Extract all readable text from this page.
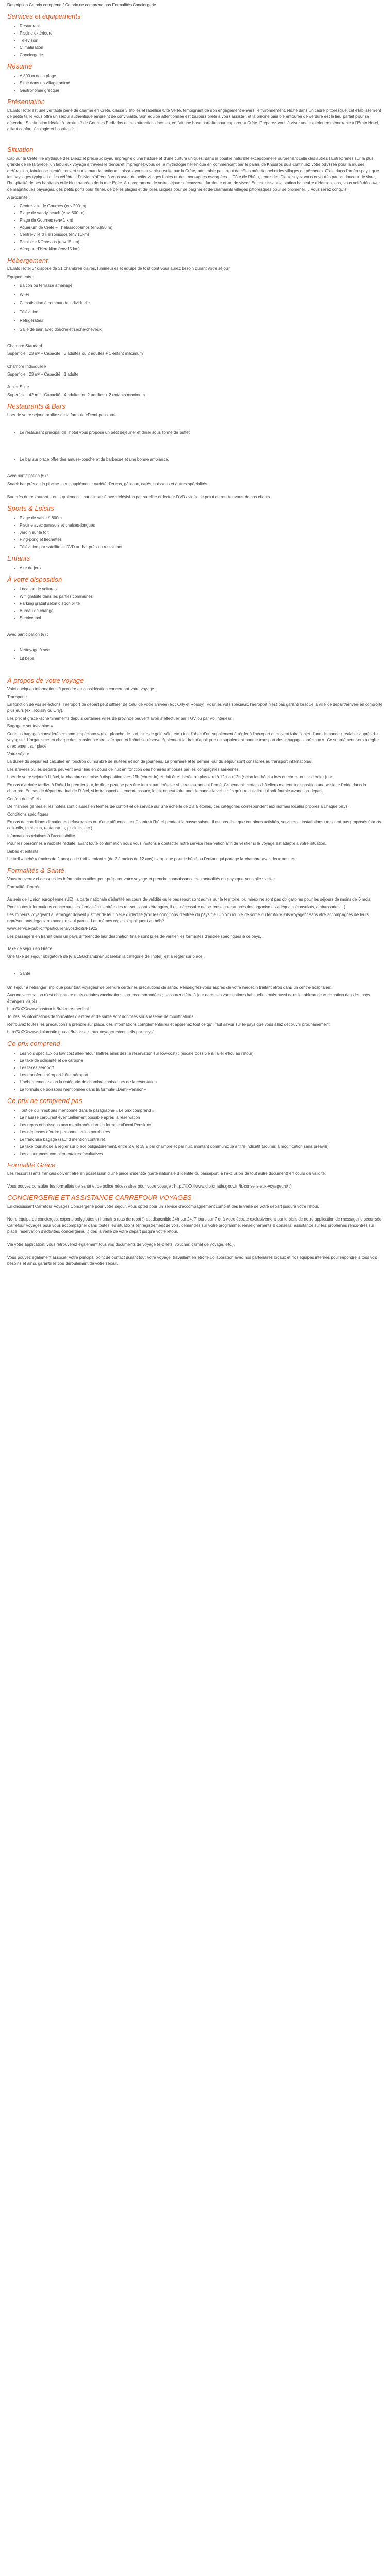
Description Ce prix comprend / Ce prix ne comprend pas Formalités Conciergerie

Services et équipements
• Restaurant
• Piscine extérieure
• Télévision
• Climatisation
• Conciergerie
Résumé
• A 800 m de la plage
• Situé dans un village animé
• Gastronomie grecque
Présentation

L’Erato Hotel est une véritable perle de charme en Crète, classé 3 étoiles et labellisé Cité Verte, témoignant de son engagement envers l’environnement. Niché dans un cadre pittoresque, cet établissement de petite taille vous offre un séjour authentique empreint de convivialité. Son équipe attentionnée est toujours prête à vous assister, et la piscine paisible entourée de verdure est le lieu parfait pour se détendre. Sa situation idéale, à proximité de Gournes Pediados et des attractions locales, en fait une base parfaite pour explorer la Crète. Préparez-vous à vivre une expérience mémorable à l’Erato Hotel, alliant confort, écologie et hospitalité.

Situation

Cap sur la Crète, île mythique des Dieux et précieux joyau imprégné d’une histoire et d’une culture uniques, dans la bouillie naturelle exceptionnelle surprenant celle des autres ! Entreprenez sur la plus grande de ile la Grèce, un fabuleux voyage à travers le temps et imprégnez-vous de la mythologie hellénique en commençant par le palais de Knossos puis continuez votre odyssée pour la musée d’Héraklion, fabuleuse bientôt couvert sur le mandat antique. Laissez-vous envahir ensuite par la Crète, admirable petit bout de côtes méridionnel et les villages de pêcheurs. C’est dans l’arrière-pays, que les paysages typiques et les célèbres d’olivier s’offrent à vous avec de petits villages isolés et des montagnes escarpées… Côté de Rhétu, tenez des Dieux soyez vous envoutés par sa douceur de vivre, l’hospitalité de ses habitants et le bleu azuréen de la mer Egée. Au programme de votre séjour : découverte, farniente et art de vivre ! En choisissant la station balnéaire d’Hersonissos, vous voilà découvrir de magnifiques paysages, des petits ports pour flâner, de belles plages et de jolies criques pour se baigner et de charmants villages pittoresques pour se promener… Vous serez conquis !

A proximité :

• Centre-ville de Gournes (env.200 m)
• Plage de sandy beach (env. 800 m)
• Plage de Gournes (env.1 km)
• Aquarium de Crète – Thalassocosmos (env.850 m)
• Centre-ville d’Hersonissos (env.10km)
• Palais de KOnossos (env.15 km)
• Aéroport d’Héraklion (env.15 km)
Hébergement

L’Erato Hotel 3* dispose de 31 chambres claires, lumineuses et équipé de tout dont vous aurez besoin durant votre séjour.

Equipements :

• Balcon ou terrasse aménagé
• Wi-Fi
• Climatisation à commande individuelle
• Télévision
• Réfrigérateur
• Salle de bain avec douche et sèche-cheveux

Chambre Standard

Superficie : 23 m² – Capacité : 3 adultes ou 2 adultes + 1 enfant maximum

Chambre Individuelle

Superficie : 23 m² – Capacité : 1 adulte

Junior Suite

Superficie : 42 m² – Capacité : 4 adultes ou 2 adultes + 2 enfants maximum

Restaurants & Bars

Lors de votre séjour, profitez de la formule «Demi-pension».

• Le restaurant principal de l’hôtel vous propose un petit déjeuner et dîner sous forme de buffet
• Le bar sur place offre des amuse-bouche et du barbecue et une bonne ambiance.

Avec participation (€) :

Snack bar près de la piscine – en supplément : variété d’encas, gâteaux, cafés, boissons et autres spécialités

Bar près du restaurant – en supplément : bar climatisé avec télévision par satellite et lecteur DVD / vidéo, le point de rendez-vous de nos clients.

Sports & Loisirs
• Plage de sable à 800m
• Piscine avec parasols et chaises-longues
• Jardin sur le toit
• Ping-pong et fléchettes
• Télévision par satellite et DVD au bar près du restaurant
Enfants
• Aire de jeux
À votre disposition
• Location de voitures
• Wifi gratuite dans les parties communes
• Parking gratuit selon disponibilité
• Bureau de change
• Service taxi

Avec participation (€) :

• Nettoyage à sec
• Lit bébé
À propos de votre voyage

Voici quelques informations à prendre en considération concernant votre voyage.

Transport :

En fonction de vos sélections, l’aéroport de départ peut différer de celui de votre arrivée (ex : Orly et Roissy). Pour les vols spéciaux, l’aéroport n’est pas garanti lorsque la ville de départ/arrivée en comporte plusieurs (ex : Roissy ou Orly).

Les prix et grace -acheminements depuis certaines villes de province peuvent avoir s’effectuer par TGV ou par voi intérieur.

Bagage « soute/cabine »

Certains bagages considérés comme « spéciaux » (ex : planche de surf, club de golf, vélo, etc.) font l’objet d’un supplément à régler à l’aéroport et doivent faire l’objet d’une demande préalable auprès du voyagiste. L’organisme en charge des transferts entre l’aéroport et l’hôtel se réserve également le droit d’appliquer un supplément pour le transport des « bagages spéciaux ». Ce supplément sera à régler directement sur place.

Votre séjour

La durée du séjour est calculée en fonction du nombre de nuitées et non de journées. La première et le dernier jour du séjour sont consacrés au transport international.

Les arrivées ou les départs peuvent avoir lieu en cours de nuit en fonction des horaires imposés par les compagnies aériennes.

Lors de votre séjour à l’hôtel, la chambre est mise à disposition vers 15h (check-in) et doit être libérée au plus tard à 12h ou 12h (selon les hôtels) lors du check-out le dernier jour.

En cas d’arrivée tardive à l’hôtel la premier jour, le dîner peut ne pas être fourni par l’hôtelier si le restaurant est fermé. Cependant, certains hôteliers mettent à disposition une assiette froide dans la chambre. En cas de départ matinal de l’hôtel, si le transport est encore assuré, le client peut faire une demande la veille afin qu’une collation lui soit fournie avant son départ.

Confort des hôtels

De manière générale, les hôtels sont classés en termes de confort et de service sur une échelle de 2 à 5 étoiles, ces catégories correspondent aux normes locales propres à chaque pays.

Conditions spécifiques

En cas de conditions climatiques défavorables ou d’une affluence insuffisante à l’hôtel pendant la basse saison, il est possible que certaines activités, services et installations ne soient pas proposés (sports collectifs, mini-club, restaurants, piscines, etc.).

Informations relatives à l’accessibilité

Pour les personnes à mobilité réduite, avant toute confirmation nous vous invitons à contacter notre service réservation afin de vérifier si le voyage est adapté à votre situation.

Bébés et enfants

Le tarif « bébé » (moins de 2 ans) ou le tarif « enfant » (de 2 à moins de 12 ans) s’applique pour le bébé ou l’enfant qui partage la chambre avec deux adultes.

Formalités & Santé

Vous trouverez ci-dessous les informations utiles pour préparer votre voyage et prendre connaissance des actualités du pays que vous allez visiter.

Formalité d’entrée

Au sein de l’Union européenne (UE), la carte nationale d’identité en cours de validité ou le passeport sont admis sur le territoire, ou mieux ne sont pas obligatoires pour les séjours de moins de 6 mois.

Pour toutes informations concernant les formalités d’entrée des ressortissants étrangers, il est nécessaire de se renseigner auprès des organismes adéquats (consulats, ambassades…).

Les mineurs voyageant à l’étranger doivent justifier de leur pièce d’identité (voir les conditions d’entrée du pays de l’Union) munie de sortie du territoire s’ils voyagent sans être accompagnés de leurs représentants légaux ou avec un seul parent. Les mêmes règles s’appliquent au bébé.

www.service-public.fr/particuliers/vosdroits/F1922

Les passagers en transit dans un pays différent de leur destination finale sont priés de vérifier les formalités d’entrée spécifiques à ce pays.

Taxe de séjour en Grèce

Une taxe de séjour obligatoire de [€ à 15€/chambre/nuit (selon la catégorie de l’hôtel) est à régler sur place.

• Santé

Un séjour à l’étranger implique pour tout voyageur de prendre certaines précautions de santé. Renseignez-vous auprès de votre médecin traitant et/ou dans un centre hospitalier.

Aucune vaccination n’est obligatoire mais certains vaccinations sont recommandées ; s’assurer d’être à jour dans ses vaccinations habituelles mais aussi dans le tableau de vaccination dans les pays étrangers visités.

http://XXXXwww.pasteur.fr /fr/centre-medical

Toutes les informations de formalités d’entrée et de santé sont données sous réserve de modifications.

Retrouvez toutes les précautions à prendre sur place, des informations complémentaires et apprenez tout ce qu’il faut savoir sur le pays que vous allez découvrir prochainement.

http://XXXXwww.diplomatie.gouv.fr/fr/conseils-aux-voyageurs/conseils-par-pays/

Ce prix comprend
• Les vols spéciaux ou low cost aller-retour (lettres émis dès la réservation sur low-cost) : (escale possible à l’aller et/ou au retour)
• La taxe de solidarité et de carbone
• Les taxes aéroport
• Les transferts aéroport-hôtel-aéroport
• L’hébergement selon la catégorie de chambre choisie lors de la réservation
• La formule de boissons mentionnée dans la formule «Demi-Pension»
Ce prix ne comprend pas
• Tout ce qui n’est pas mentionné dans le paragraphe « Le prix comprend »
• La hausse carburant éventuellement possible après la réservation
• Les repas et boissons non mentionnés dans la formule «Demi-Pension»
• Les dépenses d’ordre personnel et les pourboires
• Le franchise bagage (sauf d mention contraire)
• La taxe touristique à régler sur place obligatoirement, entre 2 € et 15 € par chambre et par nuit, montant communiqué à titre indicatif (soumis à modification sans préavis)
• Les assurances complémentaires facultatives
Formalité Grèce

Les ressortissants français doivent être en possession d’une pièce d’identité (carte nationale d’identité ou passeport, à l’exclusion de tout autre document) en cours de validité.

Vous pouvez consulter les formalités de santé et de police nécessaires pour votre voyage : http://XXXXwww.diplomatie.gouv.fr /fr/conseils-aux-voyageurs/ :)

CONCIERGERIE ET ASSISTANCE CARREFOUR VOYAGES

En choisissant Carrefour Voyages Conciergerie pour votre séjour, vous optez pour un service d’accompagnement complet dès la veille de votre départ jusqu’à votre retour.

Notre équipe de concierges, experts polyglottes et humains (pas de robot !) est disponible 24h sur 24, 7 jours sur 7 et à votre écoute exclusivement par le biais de notre application de messagerie sécurisée, Carrefour Voyages pour vous accompagner dans toutes les situations (enregistrement de vols, demandes sur votre programme, renseignements & conseils, assistance sur les problèmes rencontrés sur place, réservation d’activités, conciergerie…) dès la veille de votre départ jusqu’à votre retour.

Via votre application, vous retrouverez également tous vos documents de voyage (e-billets, voucher, carnet de voyage, etc.).

Vous pouvez également associer votre principal point de contact durant tout votre voyage, travaillant en étroite collaboration avec nos partenaires locaux et nos équipes internes pour répondre à tous vos besoins et ainsi, garantir le bon déroulement de votre séjour.
